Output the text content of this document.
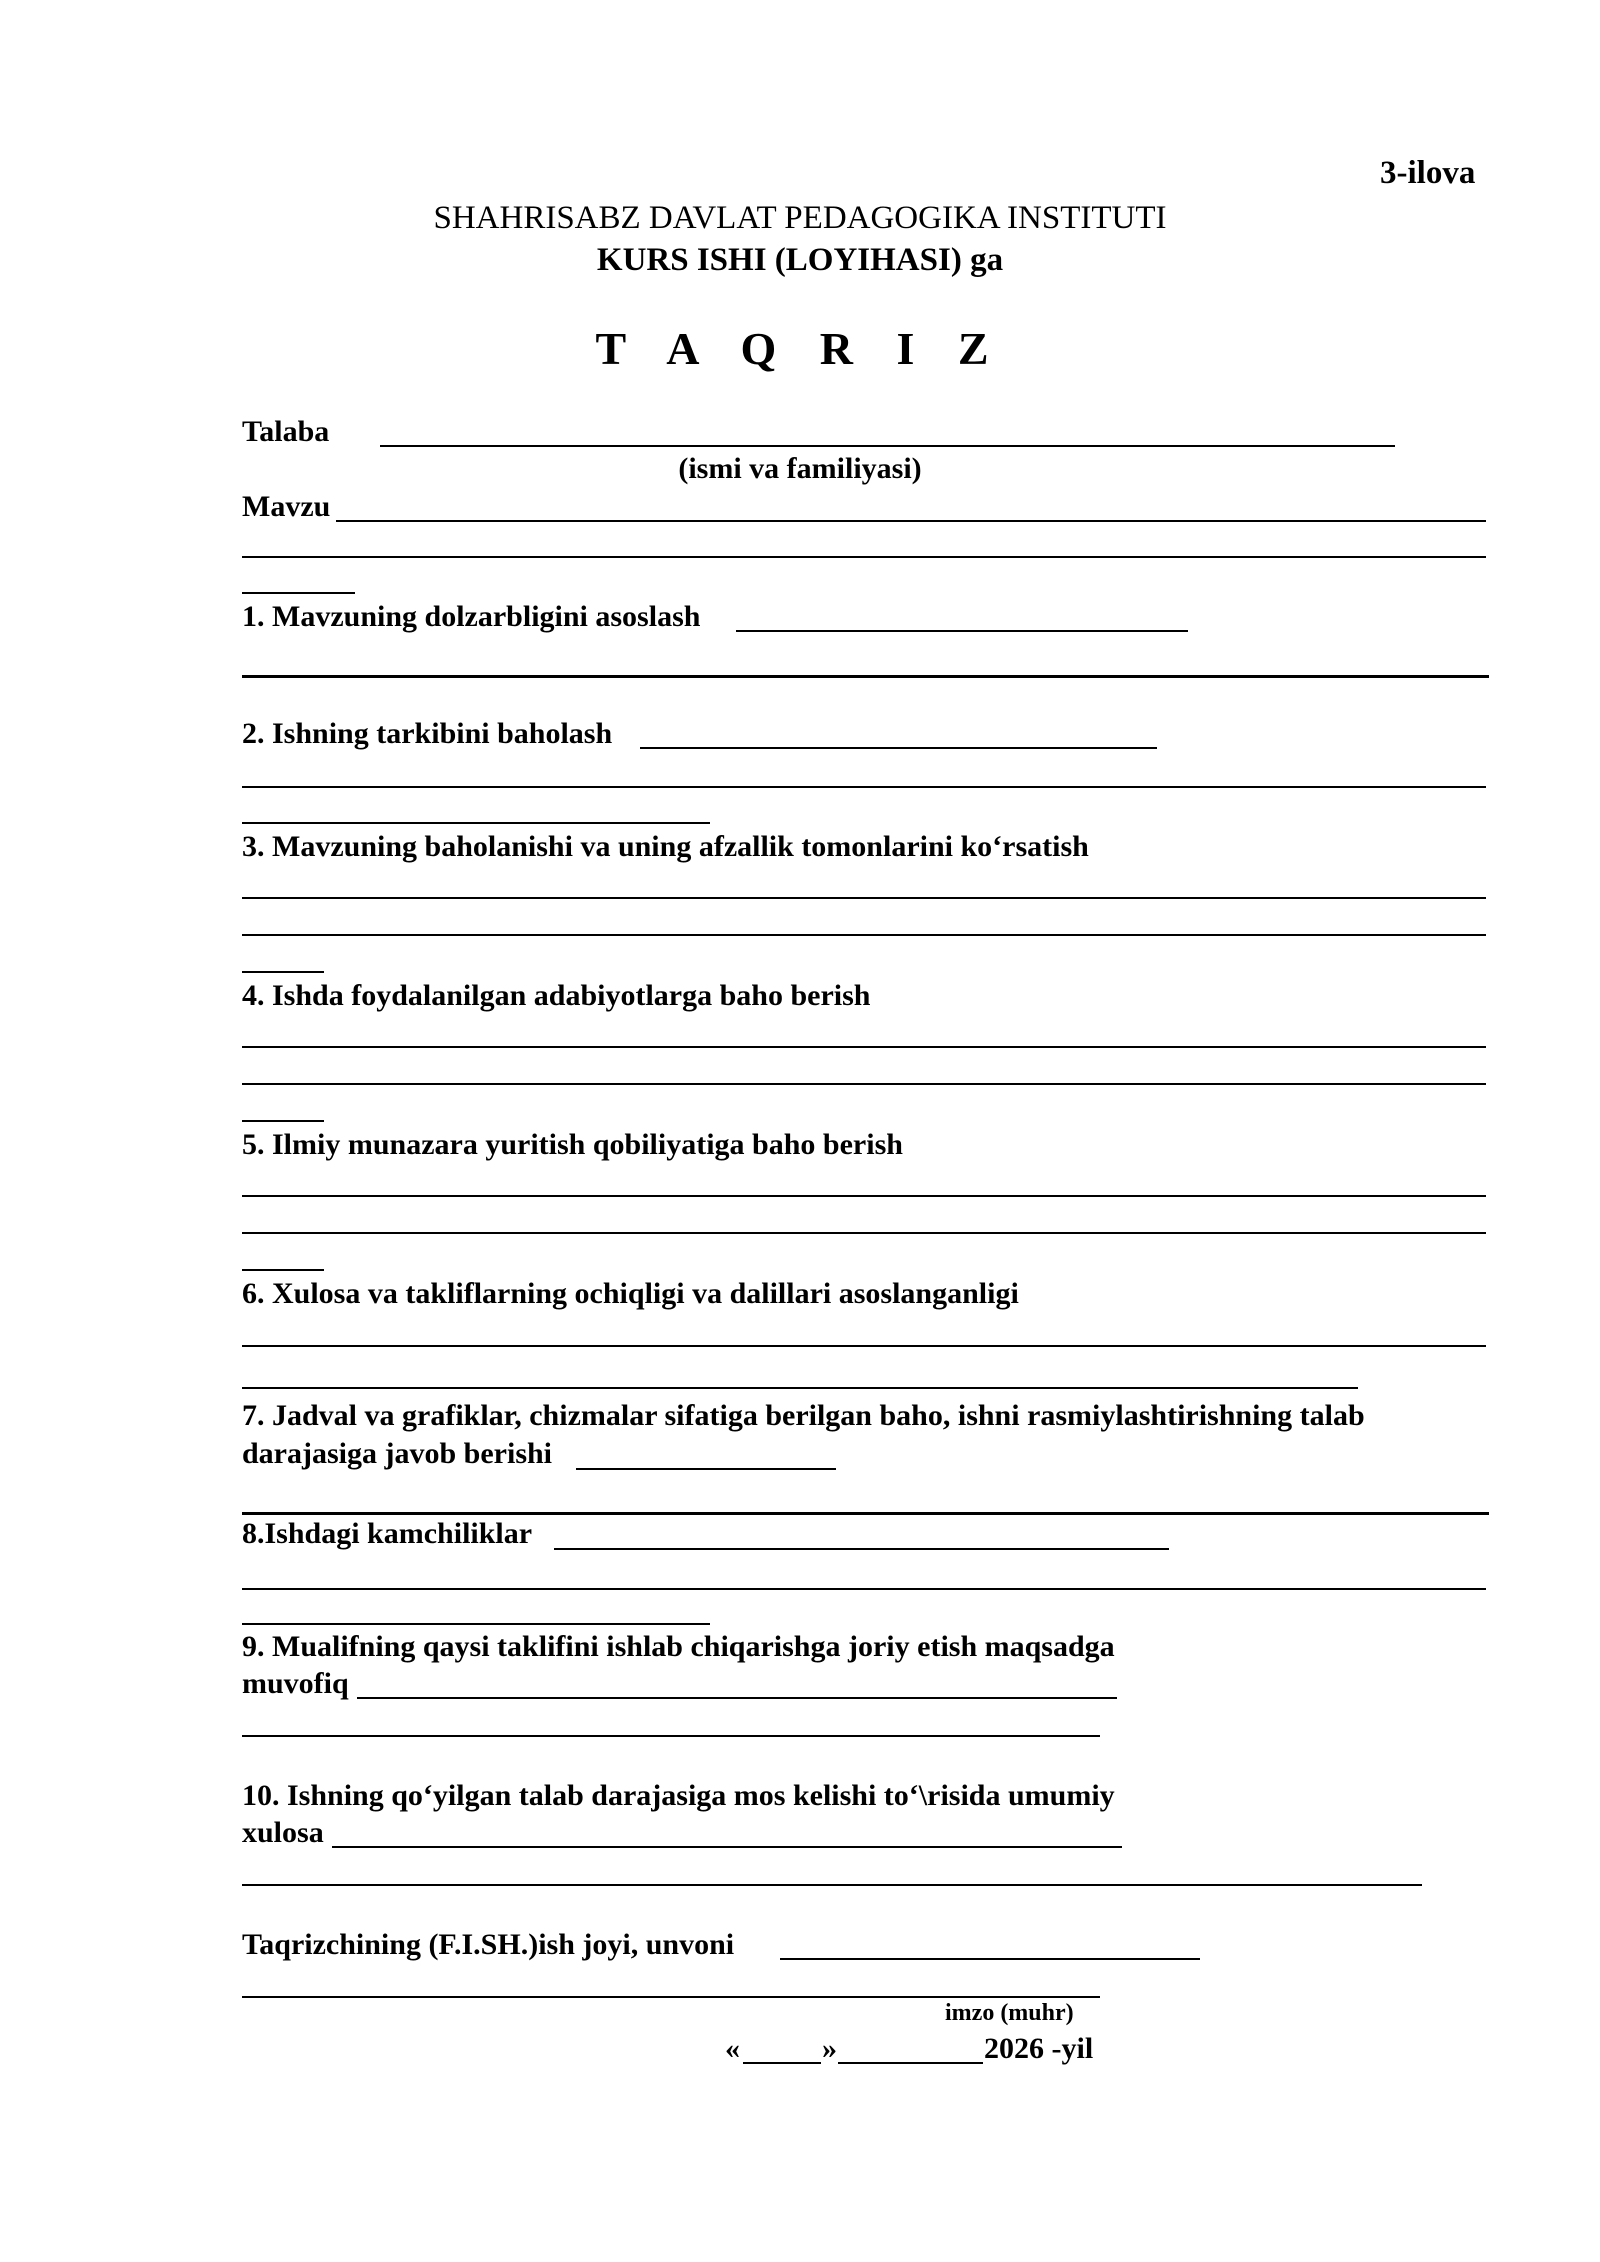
3-ilova
SHAHRISABZ DAVLAT PEDAGOGIKA INSTITUTI
KURS ISHI (LOYIHASI) ga
T A Q R I Z
Talaba
(ismi va familiyasi)
Mavzu
1. Mavzuning dolzarbligini asoslash
2. Ishning tarkibini baholash
3. Mavzuning baholanishi va uning afzallik tomonlarini ko‘rsatish
4. Ishda foydalanilgan adabiyotlarga baho berish
5. Ilmiy munazara yuritish qobiliyatiga baho berish
6. Xulosa va takliflarning ochiqligi va dalillari asoslanganligi
7. Jadval va grafiklar, chizmalar sifatiga berilgan baho, ishni rasmiylashtirishning talab
darajasiga javob berishi
8.Ishdagi kamchiliklar
9. Mualifning qaysi taklifini ishlab chiqarishga joriy etish maqsadga
muvofiq
10. Ishning qo‘yilgan talab darajasiga mos kelishi to‘\risida umumiy
xulosa
Taqrizchining (F.I.SH.)ish joyi, unvoni
imzo (muhr)
«	»	2026 -yil
